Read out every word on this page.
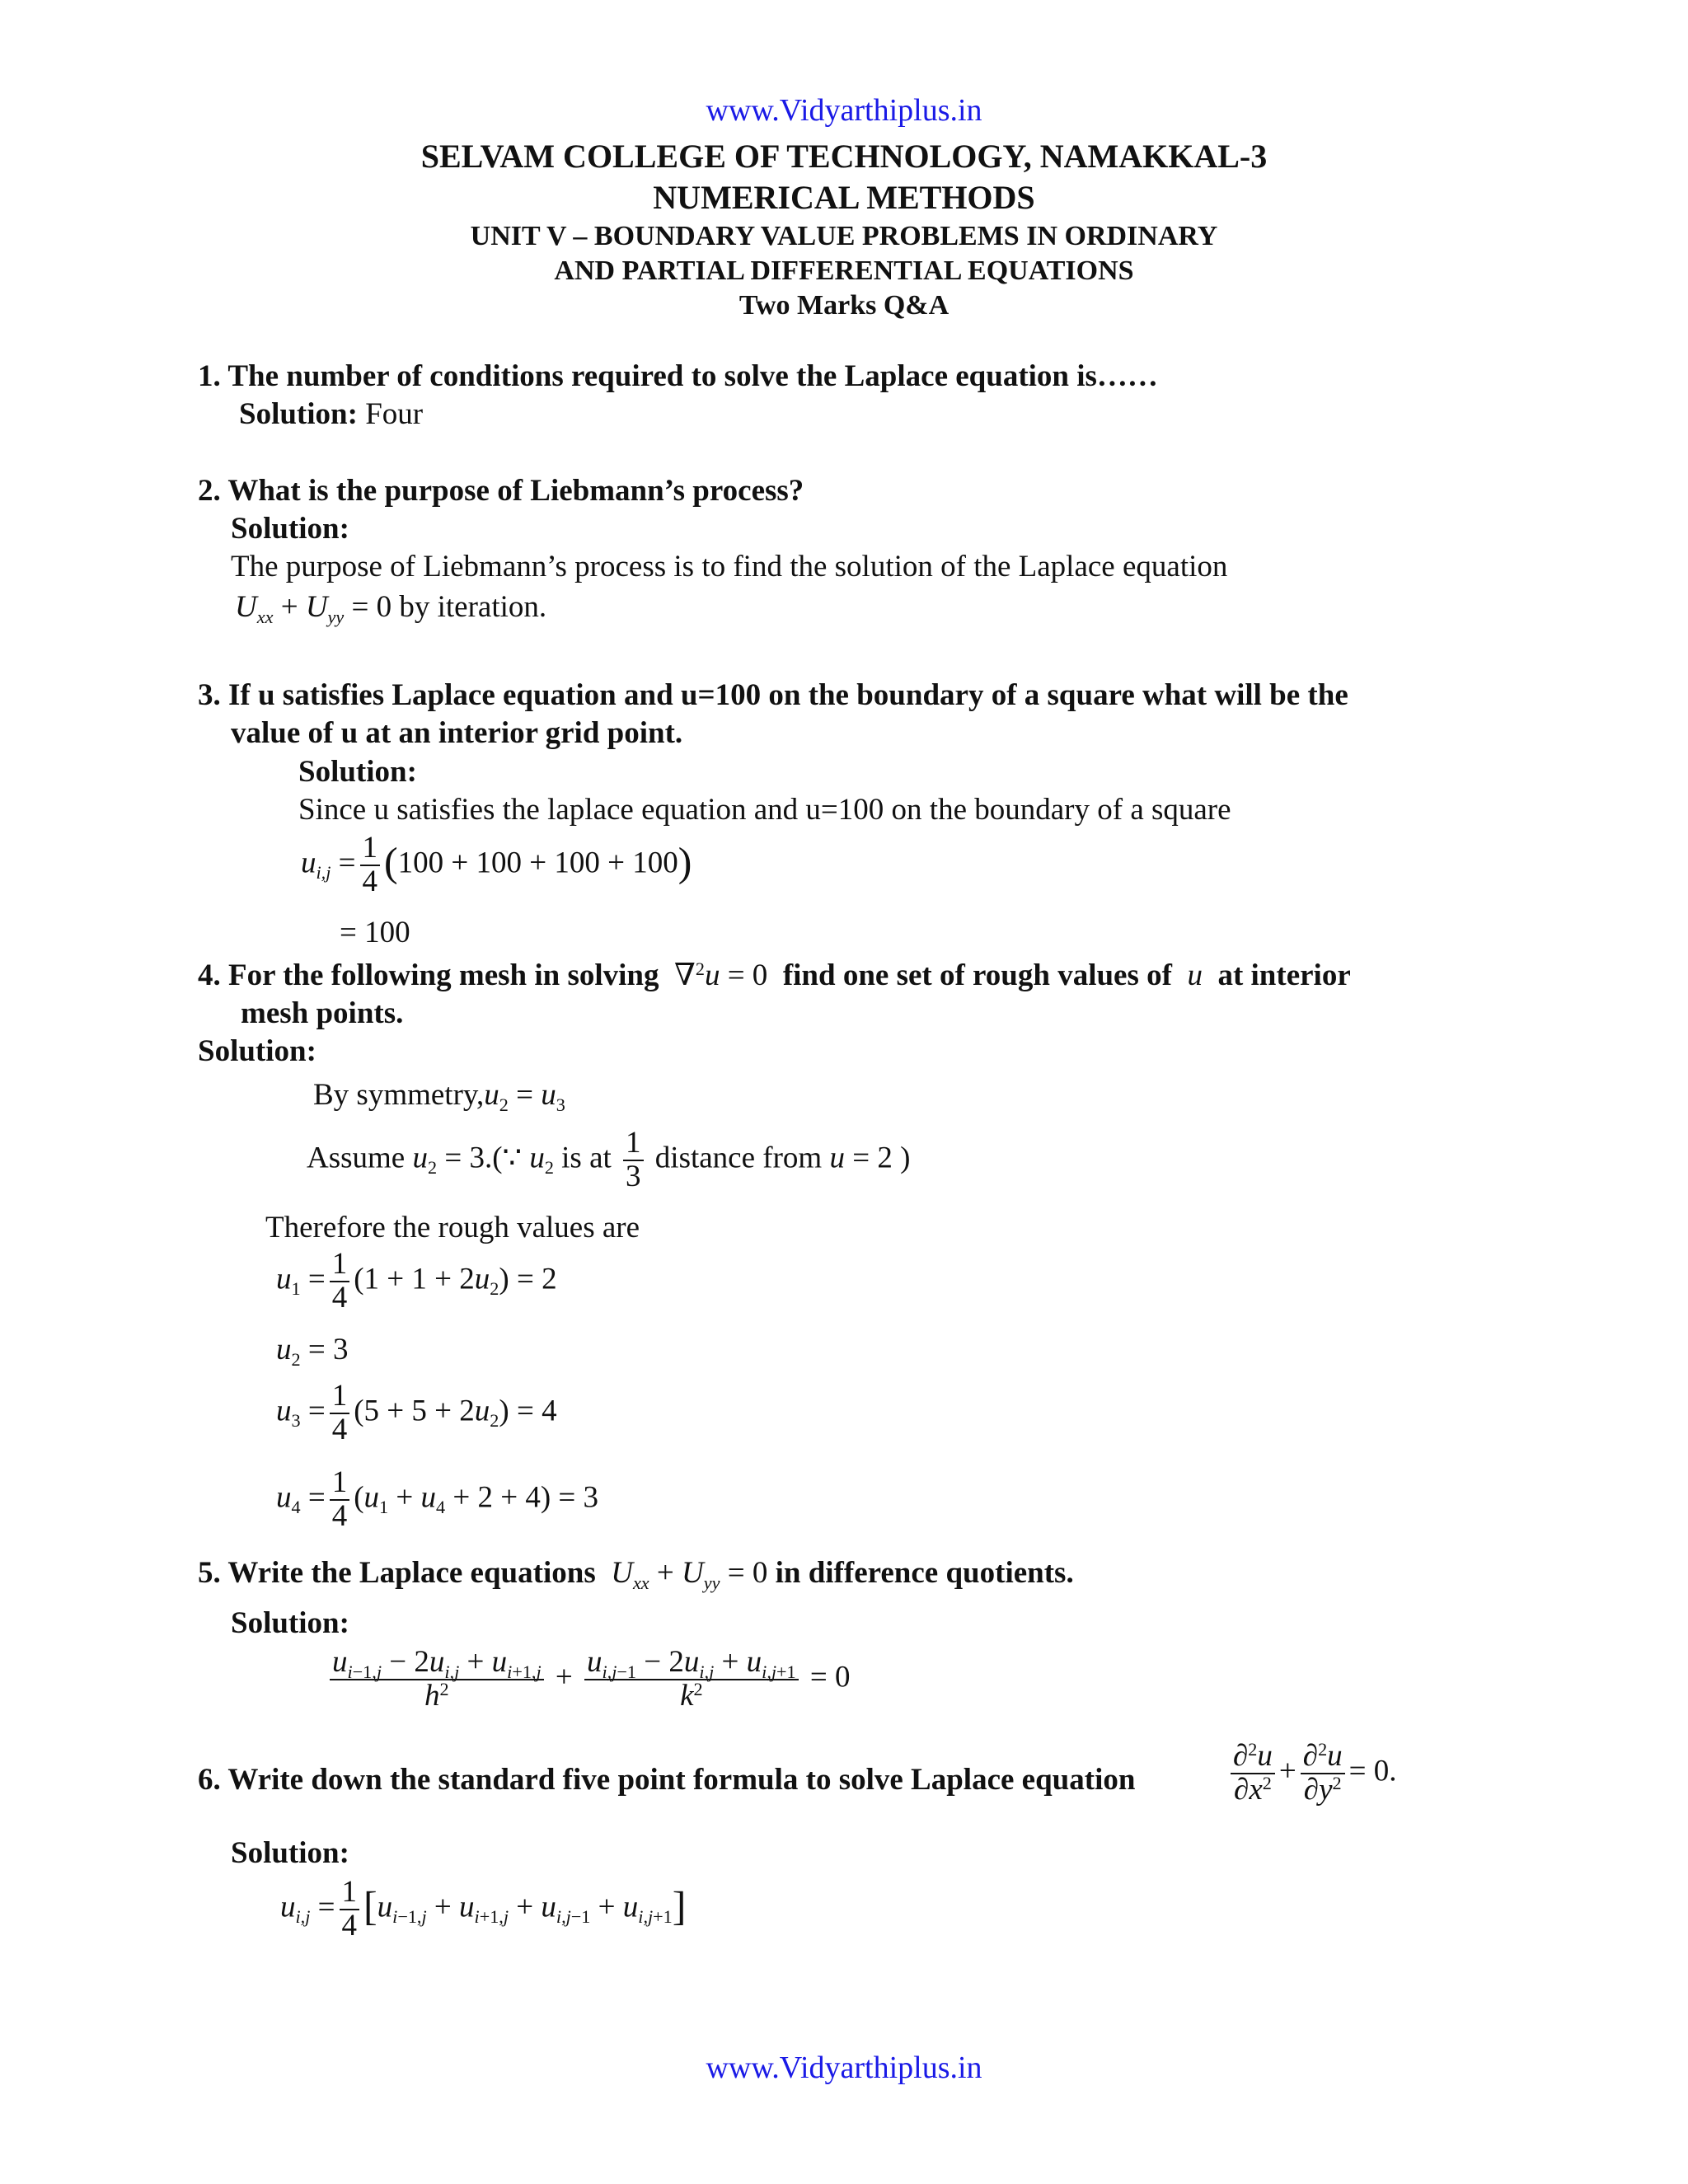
www.Vidyarthiplus.in
SELVAM COLLEGE OF TECHNOLOGY, NAMAKKAL-3
NUMERICAL METHODS
UNIT V – BOUNDARY VALUE PROBLEMS IN ORDINARY
AND PARTIAL DIFFERENTIAL EQUATIONS
Two Marks Q&A
1. The number of conditions required to solve the Laplace equation is……
Solution: Four
2. What is the purpose of Liebmann’s process?
Solution:
The purpose of Liebmann’s process is to find the solution of the Laplace equation
$U_{xx} + U_{yy} = 0$ by iteration.
3. If u satisfies Laplace equation and u=100 on the boundary of a square what will be the
value of u at an interior grid point.
Solution:
Since u satisfies the laplace equation and u=100 on the boundary of a square
$u_{i,j} = \frac{1}{4} (100 + 100 + 100 + 100)$
= 100
4. For the following mesh in solving  ∇$^2$u = 0  find one set of rough values of u at interior
mesh points.
Solution:
By $symmetry,u_2 = u_3$
Assume $u_2$ = 3.(∵ $u_2$ is at $\frac{1}{3}$ distance from u = 2 )
Therefore the rough values are
$u_1 = \frac{1}{4} (1 + 1 + 2u_2) = 2$
$u_2 = 3$
$u_3 = \frac{1}{4} (5 + 5 + 2u_2) = 4$
$u_4 = \frac{1}{4} (u_1 + u_4 + 2 + 4) = 3$
5. Write the Laplace equations $U_{xx} + U_{yy} = 0$ in difference quotients.
Solution:
$\frac{u_{i-1,j} - 2u_{i,j} + u_{i+1,j}}{h^2} + \frac{u_{i,j-1} - 2u_{i,j} + u_{i,j+1}}{k^2} = 0$
6. Write down the standard five point formula to solve Laplace equation	$\frac{\partial^2u}{\partial x^2} + \frac{\partial^2u}{\partial y^2} = 0$.
Solution:
$u_{i,j} = \frac{1}{4} [u_{i-1,j} + u_{i+1,j} + u_{i,j-1} + u_{i,j+1}]$
www.Vidyarthiplus.in
